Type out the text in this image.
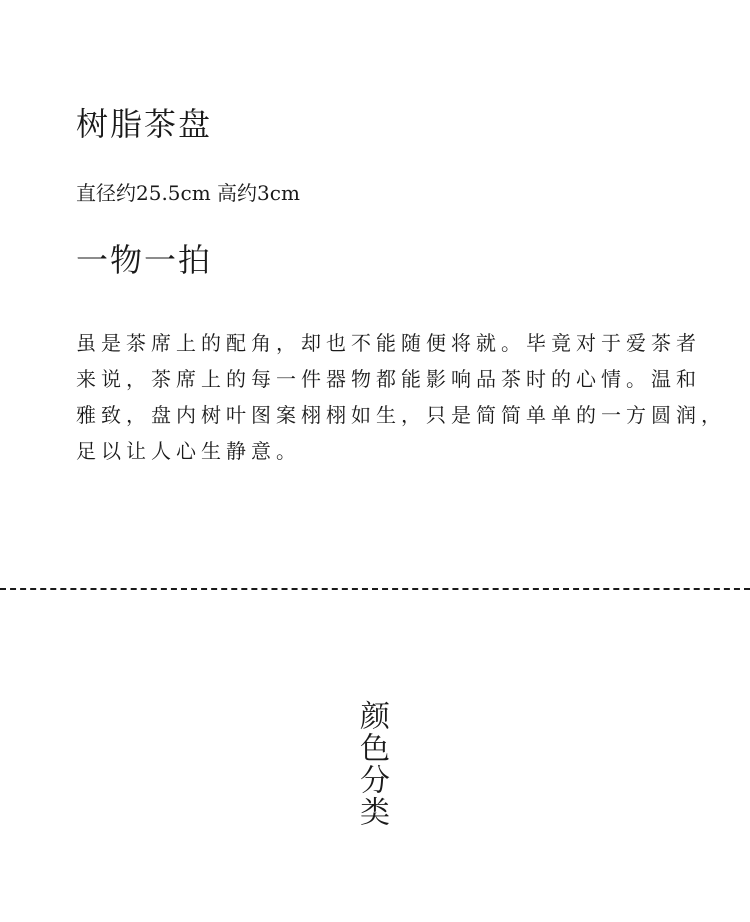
树脂茶盘
直径约25.5cm 高约3cm
一物一拍
虽是茶席上的配角，却也不能随便将就。毕竟对于爱茶者
来说，茶席上的每一件器物都能影响品茶时的心情。温和
雅致，盘内树叶图案栩栩如生，只是简简单单的一方圆润，
足以让人心生静意。
颜色分类
